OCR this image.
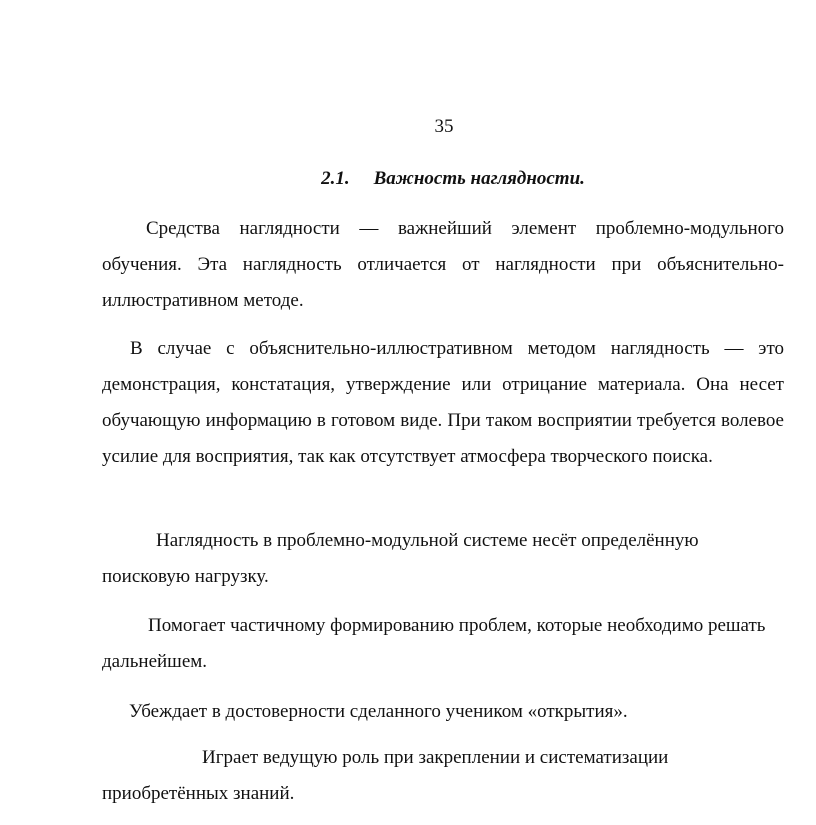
35
2.1. Важность наглядности.

Средства наглядности — важнейший элемент проблемно-модульного обучения. Эта наглядность отличается от наглядности при объяснительно-иллюстративном методе.

В случае с объяснительно-иллюстративном методом наглядность — это демонстрация, констатация, утверждение или отрицание материала. Она несет обучающую информацию в готовом виде. При таком восприятии требуется волевое усилие для восприятия, так как отсутствует атмосфера творческого поиска.

Наглядность в проблемно-модульной системе несёт определённую поисковую нагрузку.

Помогает частичному формированию проблем, которые необходимо решать дальнейшем.

Убеждает в достоверности сделанного учеником «открытия».

Играет ведущую роль при закреплении и систематизации приобретённых знаний.
